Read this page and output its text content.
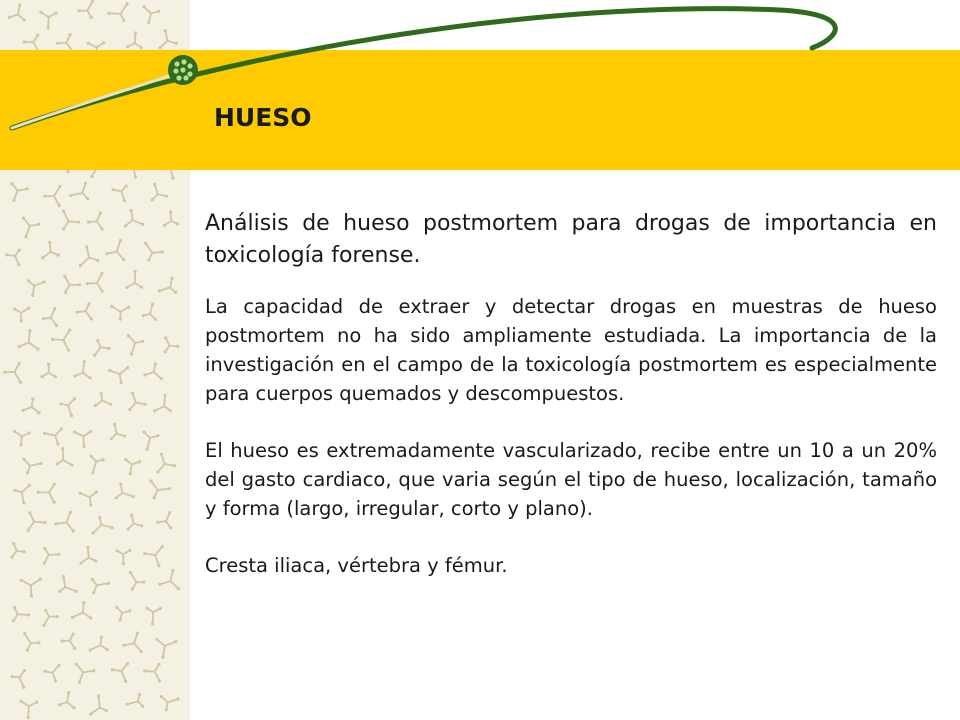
HUESO

Análisis de hueso postmortem para drogas de importancia en toxicología forense.

La capacidad de extraer y detectar drogas en muestras de hueso postmortem no ha sido ampliamente estudiada. La importancia de la investigación en el campo de la toxicología postmortem es especialmente para cuerpos quemados y descompuestos.

El hueso es extremadamente vascularizado, recibe entre un 10 a un 20% del gasto cardiaco, que varia según el tipo de hueso, localización, tamaño y forma (largo, irregular, corto y plano).

Cresta iliaca, vértebra y fémur.
